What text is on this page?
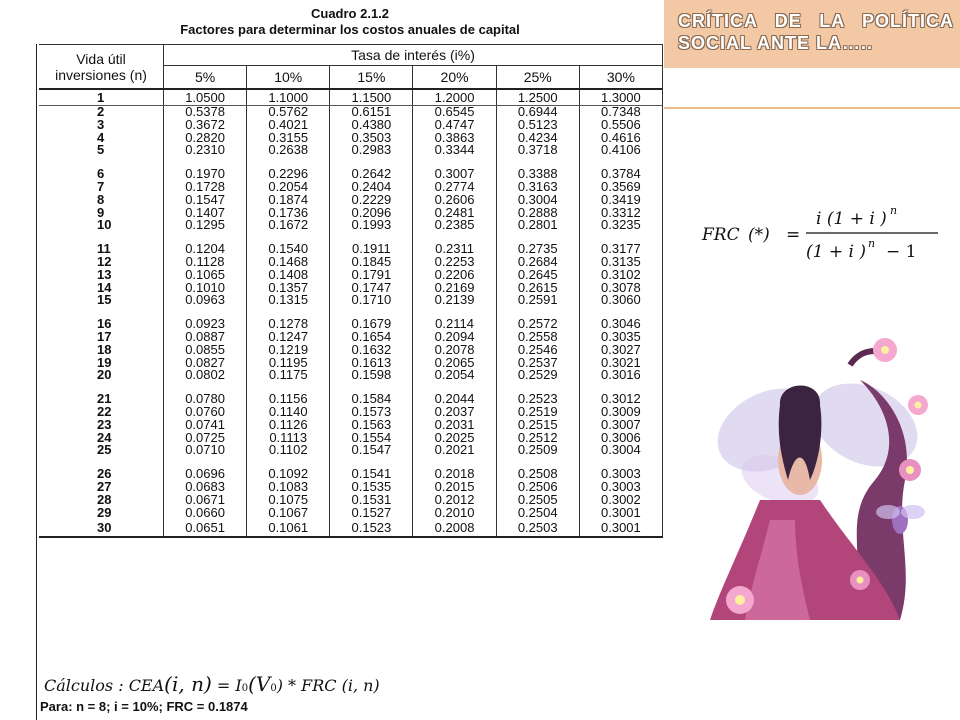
Cuadro 2.1.2
Factores para determinar los costos anuales de capital
Vida útil
inversiones (n)	Tasa de interés (i%)					
	5%	10%	15%	20%	25%	30%
1	1.0500	1.1000	1.1500	1.2000	1.2500	1.3000
2	0.5378	0.5762	0.6151	0.6545	0.6944	0.7348
3	0.3672	0.4021	0.4380	0.4747	0.5123	0.5506
4	0.2820	0.3155	0.3503	0.3863	0.4234	0.4616
5	0.2310	0.2638	0.2983	0.3344	0.3718	0.4106

6	0.1970	0.2296	0.2642	0.3007	0.3388	0.3784
7	0.1728	0.2054	0.2404	0.2774	0.3163	0.3569
8	0.1547	0.1874	0.2229	0.2606	0.3004	0.3419
9	0.1407	0.1736	0.2096	0.2481	0.2888	0.3312
10	0.1295	0.1672	0.1993	0.2385	0.2801	0.3235

11	0.1204	0.1540	0.1911	0.2311	0.2735	0.3177
12	0.1128	0.1468	0.1845	0.2253	0.2684	0.3135
13	0.1065	0.1408	0.1791	0.2206	0.2645	0.3102
14	0.1010	0.1357	0.1747	0.2169	0.2615	0.3078
15	0.0963	0.1315	0.1710	0.2139	0.2591	0.3060

16	0.0923	0.1278	0.1679	0.2114	0.2572	0.3046
17	0.0887	0.1247	0.1654	0.2094	0.2558	0.3035
18	0.0855	0.1219	0.1632	0.2078	0.2546	0.3027
19	0.0827	0.1195	0.1613	0.2065	0.2537	0.3021
20	0.0802	0.1175	0.1598	0.2054	0.2529	0.3016

21	0.0780	0.1156	0.1584	0.2044	0.2523	0.3012
22	0.0760	0.1140	0.1573	0.2037	0.2519	0.3009
23	0.0741	0.1126	0.1563	0.2031	0.2515	0.3007
24	0.0725	0.1113	0.1554	0.2025	0.2512	0.3006
25	0.0710	0.1102	0.1547	0.2021	0.2509	0.3004

26	0.0696	0.1092	0.1541	0.2018	0.2508	0.3003
27	0.0683	0.1083	0.1535	0.2015	0.2506	0.3003
28	0.0671	0.1075	0.1531	0.2012	0.2505	0.3002
29	0.0660	0.1067	0.1527	0.2010	0.2504	0.3001
30	0.0651	0.1061	0.1523	0.2008	0.2503	0.3001
Cálculos : CEA(i, n) = I0(V0) * FRC (i, n)
Para: n = 8; i = 10%; FRC = 0.1874
CRÍTICA DE LA POLÍTICA
SOCIAL ANTE LA…..
FRC (*) =
i (1 + i ) n
(1 + i ) n − 1
